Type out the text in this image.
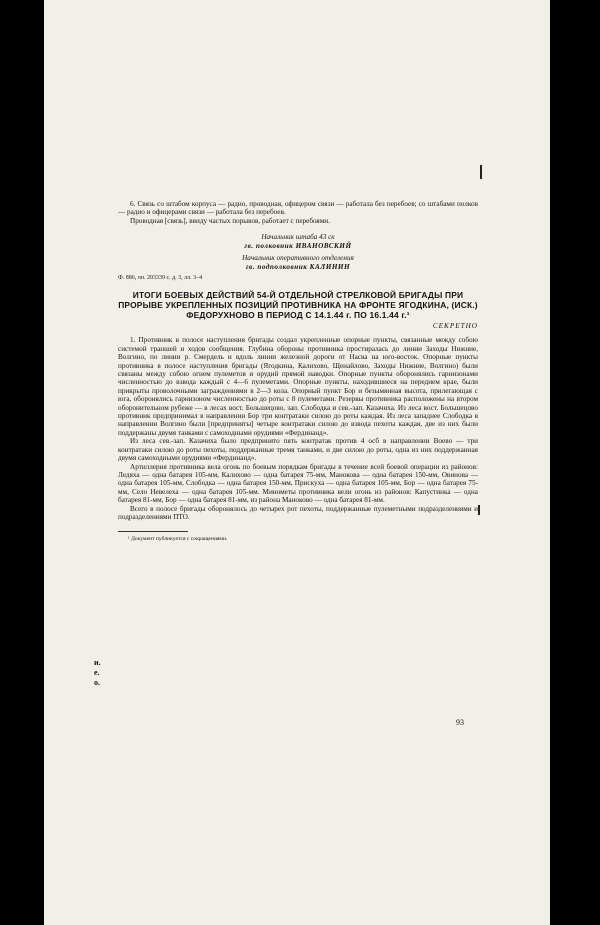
6. Связь со штабом корпуса — радио, проводная, офицером связи — работала без перебоев; со штабами полков — радио и офицерами связи — работала без перебоев.

Проводная [связь], ввиду частых порывов, работает с перебоями.

Начальник штаба 43 ск

гв. полковник ИВАНОВСКИЙ

Начальник оперативного отделения

гв. подполковник КАЛИНИН

Ф. 886, оп. 203339 с. д. 3, лл. 3–4

ИТОГИ БОЕВЫХ ДЕЙСТВИЙ 54-Й ОТДЕЛЬНОЙ СТРЕЛКОВОЙ БРИГАДЫ ПРИ ПРОРЫВЕ УКРЕПЛЕННЫХ ПОЗИЦИЙ ПРОТИВНИКА НА ФРОНТЕ ЯГОДКИНА, (ИСК.) ФЕДОРУХНОВО В ПЕРИОД С 14.1.44 г. ПО 16.1.44 г.¹

СЕКРЕТНО

1. Противник в полосе наступления бригады создал укрепленные опорные пункты, связанные между собою системой траншей и ходов сообщения. Глубина обороны противника простиралась до линии Заходы Нижние, Волгино, по линии р. Смердель и вдоль линии железной дороги от Насва на юго-восток. Опорные пункты противника в полосе наступления бригады (Ягодкина, Калихово, Щенайлово, Заходы Нижние, Волгино) были связаны между собою огнем пулеметов и орудий прямой наводки. Опорные пункты оборонялись гарнизонами численностью до взвода каждый с 4—6 пулеметами. Опорные пункты, находившиеся на переднем крае, были прикрыты проволочными заграждениями в 2—3 кола. Опорный пункт Бор и безымянная высота, прилегающая с юга, оборонялись гарнизоном численностью до роты с 8 пулеметами. Резервы противника расположены на втором оборонительном рубеже — в лесах вост. Большецово, зап. Слободка и сев.-зап. Казачиха. Из леса вост. Большецово противник предпринимал в направлении Бор три контратаки силою до роты каждая. Из леса западнее Слободка в направлении Волгино были [предприняты] четыре контратаки силою до взвода пехоты каждая, две из них были поддержаны двумя танками с самоходными орудиями «Фердинанд».

Из леса сев.-зап. Казачиха было предпринято пять контратак против 4 осб в направлении Воево — три контратаки силою до роты пехоты, поддержанные тремя танками, и две силою до роты, одна из них поддержанная двумя самоходными орудиями «Фердинанд».

Артиллерия противника вела огонь по боевым порядкам бригады в течение всей боевой операции из районов: Ледяха — одна батарея 105-мм, Калихово — одна батарея 75-мм, Манокова — одна батарея 150-мм, Овинова — одна батарея 105-мм, Слободка — одна батарея 150-мм, Прискуха — одна батарея 105-мм, Бор — одна батарея 75-мм, Село Невелеха — одна батарея 105-мм. Минометы противника вели огонь из районов: Капустинка — одна батарея 81-мм, Бор — одна батарея 81-мм, из района Маноково — одна батарея 81-мм.

Всего в полосе бригады оборонялось до четырех рот пехоты, поддержанные пулеметными подразделениями и подразделениями ПТО.

¹ Документ публикуется с сокращениями.

и.
е.
о.
93
